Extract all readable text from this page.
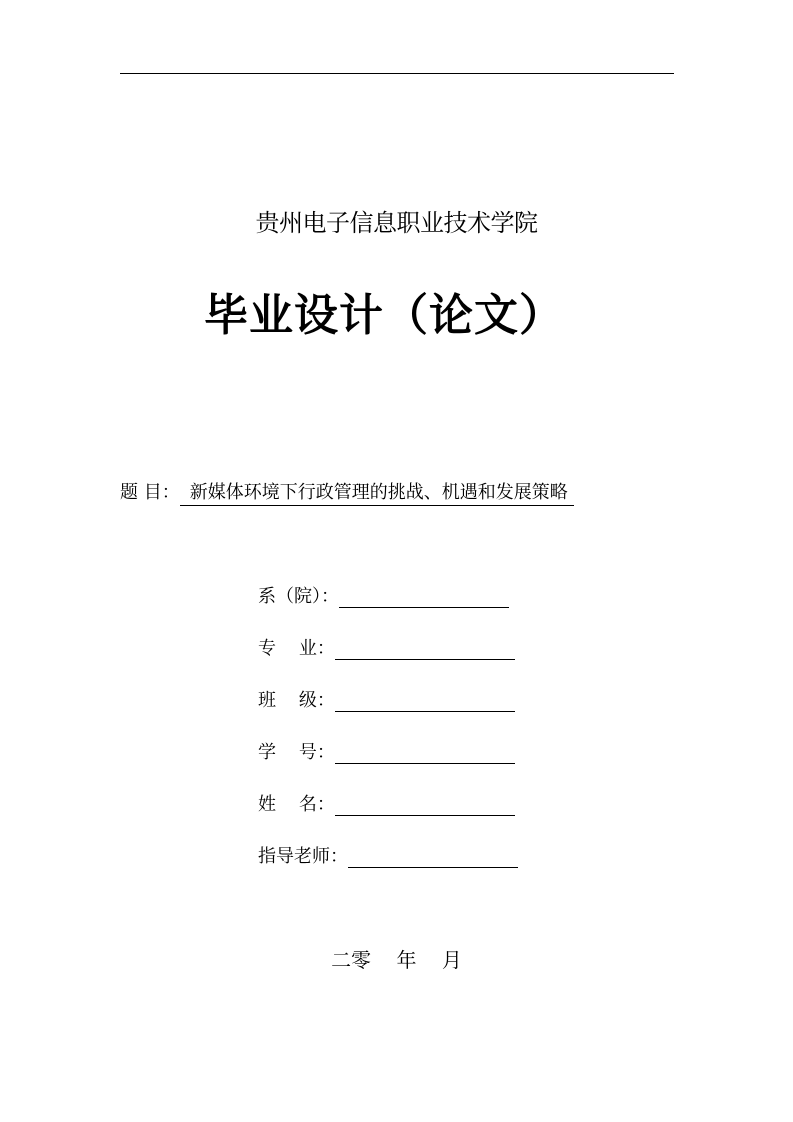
贵州电子信息职业技术学院
毕业设计（论文）
题 目： 新媒体环境下行政管理的挑战、机遇和发展策略
系（院）：
专    业：
班    级：
学    号：
姓    名：
指导老师：
二零    年    月
